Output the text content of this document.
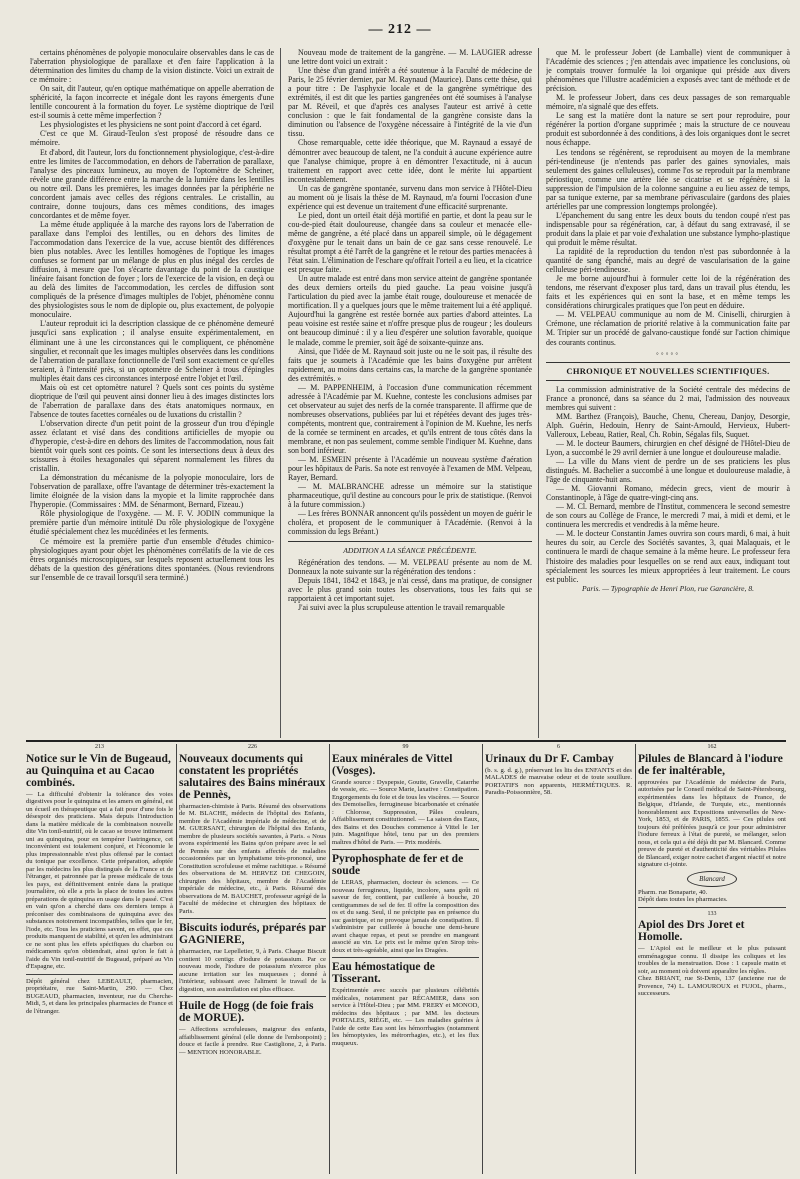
— 212 —

certains phénomènes de polyopie monoculaire observables dans le cas de l'aberration physiologique de parallaxe et d'en faire l'application à la détermination des limites du champ de la vision distincte. Voici un extrait de ce mémoire :

On sait, dit l'auteur, qu'en optique mathématique on appelle aberration de sphéricité, la façon incorrecte et inégale dont les rayons émergents d'une lentille concourent à la formation du foyer. Le système dioptrique de l'œil est-il soumis à cette même imperfection ?

Les physiologistes et les physiciens ne sont point d'accord à cet égard.

C'est ce que M. Giraud-Teulon s'est proposé de résoudre dans ce mémoire.

Et d'abord, dit l'auteur, lors du fonctionnement physiologique, c'est-à-dire entre les limites de l'accommodation, en dehors de l'aberration de parallaxe, l'analyse des pinceaux lumineux, au moyen de l'optomètre de Scheiner, révèle une grande différence entre la marche de la lumière dans les lentilles ou notre œil. Dans les premières, les images données par la périphérie ne concordent jamais avec celles des régions centrales. Le cristallin, au contraire, donne toujours, dans ces mêmes conditions, des images concordantes et de même foyer.

La même étude appliquée à la marche des rayons lors de l'aberration de parallaxe dans l'emploi des lentilles, ou en dehors des limites de l'accommodation dans l'exercice de la vue, accuse bientôt des différences bien plus notables. Avec les lentilles homogènes de l'optique les images confuses se forment par un mélange de plus en plus inégal des cercles de diffusion, à mesure que l'on s'écarte davantage du point de la caustique linéaire faisant fonction de foyer ; lors de l'exercice de la vision, en deçà ou au delà des limites de l'accommodation, les cercles de diffusion sont compliqués de la présence d'images multiples de l'objet, phénomène connu des physiologistes sous le nom de diplopie ou, plus exactement, de polyopie monoculaire.

L'auteur reproduit ici la description classique de ce phénomène demeuré jusqu'ici sans explication ; il analyse ensuite expérimentalement, en éliminant une à une les circonstances qui le compliquent, ce phénomène singulier, et reconnaît que les images multiples observées dans les conditions de l'aberration de parallaxe fonctionnelle de l'œil sont exactement ce qu'elles seraient, à l'intensité près, si un optomètre de Scheiner à trous d'épingles multiples était dans ces circonstances interposé entre l'objet et l'œil.

Mais où est cet optomètre naturel ? Quels sont ces points du système dioptrique de l'œil qui peuvent ainsi donner lieu à des images distinctes lors de l'aberration de parallaxe dans des états anatomiques normaux, en l'absence de toutes facettes cornéales ou de luxations du cristallin ?

L'observation directe d'un petit point de la grosseur d'un trou d'épingle assez éclatant et visé dans des conditions artificielles de myopie ou d'hyperopie, c'est-à-dire en dehors des limites de l'accommodation, nous fait bientôt voir quels sont ces points. Ce sont les intersections deux à deux des scissures à étoiles hexagonales qui séparent normalement les fibres du cristallin.

La démonstration du mécanisme de la polyopie monoculaire, lors de l'observation de parallaxe, offre l'avantage de déterminer très-exactement la limite éloignée de la vision dans la myopie et la limite rapprochée dans l'hyperopie. (Commissaires : MM. de Sénarmont, Bernard, Fizeau.)

Rôle physiologique de l'oxygène. — M. F. V. JODIN communique la première partie d'un mémoire intitulé Du rôle physiologique de l'oxygène étudié spécialement chez les mucédinées et les ferments.

Ce mémoire est la première partie d'un ensemble d'études chimico-physiologiques ayant pour objet les phénomènes corrélatifs de la vie de ces êtres organisés microscopiques, sur lesquels reposent actuellement tous les débats de la question des générations dites spontanées. (Nous reviendrons sur l'ensemble de ce travail lorsqu'il sera terminé.)

Nouveau mode de traitement de la gangrène. — M. LAUGIER adresse une lettre dont voici un extrait :

Une thèse d'un grand intérêt a été soutenue à la Faculté de médecine de Paris, le 25 février dernier, par M. Raynaud (Maurice). Dans cette thèse, qui a pour titre : De l'asphyxie locale et de la gangrène symétrique des extrémités, il est dit que les parties gangrenées ont été soumises à l'analyse par M. Réveil, et que d'après ces analyses l'auteur est arrivé à cette conclusion : que le fait fondamental de la gangrène consiste dans la diminution ou l'absence de l'oxygène nécessaire à l'intégrité de la vie d'un tissu.

Chose remarquable, cette idée théorique, que M. Raynaud a essayé de démontrer avec beaucoup de talent, ne l'a conduit à aucune expérience autre que l'analyse chimique, propre à en démontrer l'exactitude, ni à aucun traitement en rapport avec cette idée, dont le mérite lui appartient incontestablement.

Un cas de gangrène spontanée, survenu dans mon service à l'Hôtel-Dieu au moment où je lisais la thèse de M. Raynaud, m'a fourni l'occasion d'une expérience qui est devenue un traitement d'une efficacité surprenante.

Le pied, dont un orteil était déjà mortifié en partie, et dont la peau sur le cou-de-pied était douloureuse, changée dans sa couleur et menacée elle-même de gangrène, a été placé dans un appareil simple, où le dégagement d'oxygène pur le tenait dans un bain de ce gaz sans cesse renouvelé. Le résultat prompt a été l'arrêt de la gangrène et le retour des parties menacées à l'état sain. L'élimination de l'eschare qu'offrait l'orteil a eu lieu, et la cicatrice est presque faite.

Un autre malade est entré dans mon service atteint de gangrène spontanée des deux derniers orteils du pied gauche. La peau voisine jusqu'à l'articulation du pied avec la jambe était rouge, douloureuse et menacée de mortification. Il y a quelques jours que le même traitement lui a été appliqué. Aujourd'hui la gangrène est restée bornée aux parties d'abord atteintes. La peau voisine est restée saine et n'offre presque plus de rougeur ; les douleurs ont beaucoup diminué : il y a lieu d'espérer une solution favorable, quoique le malade, comme le premier, soit âgé de soixante-quinze ans.

Ainsi, que l'idée de M. Raynaud soit juste ou ne le soit pas, il résulte des faits que je soumets à l'Académie que les bains d'oxygène pur arrêtent rapidement, au moins dans certains cas, la marche de la gangrène spontanée des extrémités. »

— M. PAPPENHEIM, à l'occasion d'une communication récemment adressée à l'Académie par M. Kuehne, conteste les conclusions admises par cet observateur au sujet des nerfs de la cornée transparente. Il affirme que de nombreuses observations, publiées par lui et répétées devant des juges très-compétents, montrent que, contrairement à l'opinion de M. Kuehne, les nerfs de la cornée se terminent en arcades, et qu'ils entrent de tous côtés dans la membrane, et non pas seulement, comme semble l'indiquer M. Kuehne, dans son bord inférieur.

— M. ESMEIN présente à l'Académie un nouveau système d'aération pour les hôpitaux de Paris. Sa note est renvoyée à l'examen de MM. Velpeau, Rayer, Bernard.

— M. MALBRANCHE adresse un mémoire sur la statistique pharmaceutique, qu'il destine au concours pour le prix de statistique. (Renvoi à la future commission.)

— Les frères BONNAR annoncent qu'ils possèdent un moyen de guérir le choléra, et proposent de le communiquer à l'Académie. (Renvoi à la commission du legs Bréant.)

ADDITION A LA SÉANCE PRÉCÉDENTE.

Régénération des tendons. — M. VELPEAU présente au nom de M. Donneaux la note suivante sur la régénération des tendons :

Depuis 1841, 1842 et 1843, je n'ai cessé, dans ma pratique, de consigner avec le plus grand soin toutes les observations, tous les faits qui se rapportaient à cet important sujet.

J'ai suivi avec la plus scrupuleuse attention le travail remarquable

que M. le professeur Jobert (de Lamballe) vient de communiquer à l'Académie des sciences ; j'en attendais avec impatience les conclusions, où je comptais trouver formulée la loi organique qui préside aux divers phénomènes que l'illustre académicien a exposés avec tant de méthode et de précision.

M. le professeur Jobert, dans ces deux passages de son remarquable mémoire, n'a signalé que des effets.

Le sang est la matière dont la nature se sert pour reproduire, pour régénérer la portion d'organe supprimée ; mais la structure de ce nouveau produit est subordonnée à des conditions, à des lois organiques dont le secret nous échappe.

Les tendons se régénèrent, se reproduisent au moyen de la membrane péri-tendineuse (je n'entends pas parler des gaines synoviales, mais seulement des gaines celluleuses), comme l'os se reproduit par la membrane périostique, comme une artère liée se cicatrise et se régénère, si la suppression de l'impulsion de la colonne sanguine a eu lieu assez de temps, par sa tunique externe, par sa membrane périvasculaire (gardons des plaies artérielles par une compression longtemps prolongée).

L'épanchement du sang entre les deux bouts du tendon coupé n'est pas indispensable pour sa régénération, car, à défaut du sang extravasé, il se produit dans la plaie et par voie d'exhalation une substance lympho-plastique qui produit le même résultat.

La rapidité de la reproduction du tendon n'est pas subordonnée à la quantité de sang épanché, mais au degré de vascularisation de la gaine celluleuse péri-tendineuse.

Je me borne aujourd'hui à formuler cette loi de la régénération des tendons, me réservant d'exposer plus tard, dans un travail plus étendu, les faits et les expériences qui en sont la base, et en même temps les considérations chirurgicales pratiques que l'on peut en déduire.

— M. VELPEAU communique au nom de M. Ciniselli, chirurgien à Crémone, une réclamation de priorité relative à la communication faite par M. Tripier sur un procédé de galvano-caustique fondé sur l'action chimique des courants continus.

◦◦◦◦◦
CHRONIQUE ET NOUVELLES SCIENTIFIQUES.

La commission administrative de la Société centrale des médecins de France a prononcé, dans sa séance du 2 mai, l'admission des nouveaux membres qui suivent :

MM. Barthez (François), Bauche, Chenu, Chereau, Danjoy, Desorgie, Alph. Guérin, Hedouin, Henry de Saint-Arnould, Hervieux, Hubert-Valleroux, Lebeau, Ratier, Real, Ch. Robin, Ségalas fils, Suquet.

— M. le docteur Baumers, chirurgien en chef désigné de l'Hôtel-Dieu de Lyon, a succombé le 29 avril dernier à une longue et douloureuse maladie.

— La ville du Mans vient de perdre un de ses praticiens les plus distingués. M. Bachelier a succombé à une longue et douloureuse maladie, à l'âge de cinquante-huit ans.

— M. Giovanni Romano, médecin grecs, vient de mourir à Constantinople, à l'âge de quatre-vingt-cinq ans.

— M. Cl. Bernard, membre de l'Institut, commencera le second semestre de son cours au Collège de France, le mercredi 7 mai, à midi et demi, et le continuera les mercredis et vendredis à la même heure.

— M. le docteur Constantin James ouvrira son cours mardi, 6 mai, à huit heures du soir, au Cercle des Sociétés savantes, 3, quai Malaquais, et le continuera le mardi de chaque semaine à la même heure. Le professeur fera l'histoire des maladies pour lesquelles on se rend aux eaux, indiquant tout spécialement les sources les mieux appropriées à leur traitement. Le cours est public.

Paris. — Typographie de Henri Plon, rue Garancière, 8.
213
Notice sur le Vin de Bugeaud, au Quinquina et au Cacao combinés.
— La difficulté d'obtenir la tolérance des voies digestives pour le quinquina et les amers en général, est un écueil en thérapeutique qui a fait pour d'une fois le désespoir des praticiens. Mais depuis l'introduction dans la matière médicale de la combinaison nouvelle dite Vin tonil-nutritif, où le cacao se trouve intimement uni au quinquina, pour en tempérer l'astringence, cet inconvénient est totalement conjuré, et l'économie le plus impressionnable n'est plus offensé par le contact du tonique par excellence. Cette préparation, adoptée par les médecins les plus distingués de la France et de l'étranger, et patronnée par la presse médicale de tous les pays, est définitivement entrée dans la pratique journalière, où elle a pris la place de toutes les autres préparations de quinquina en usage dans le passé. C'est en vain qu'on a cherché dans ces derniers temps à préconiser des combinaisons de quinquina avec des substances notoirement incompatibles, telles que le fer, l'iode, etc. Tous les praticiens savent, en effet, que ces produits manquent de stabilité, et qu'en les administrant ce ne sont plus les effets spécifiques du charbon ou médicaments qu'on obtiendrait, ainsi qu'on le fait à l'aide du Vin tonil-nutritif de Bugeaud, préparé au Vin d'Espagne, etc.
Dépôt général chez LEBEAULT, pharmacien, propriétaire, rue Saint-Martin, 290. — Chez BUGEAUD, pharmacien, inventeur, rue du Cherche-Midi, 5, et dans les principales pharmacies de France et de l'étranger.
226
Nouveaux documents qui constatent les propriétés salutaires des Bains minéraux de Pennès,
pharmacien-chimiste à Paris. Résumé des observations de M. BLACHE, médecin de l'hôpital des Enfants, membre de l'Académie impériale de médecine, et de M. GUERSANT, chirurgien de l'hôpital des Enfants, membre de plusieurs sociétés savantes, à Paris. « Nous avons expérimenté les Bains qu'on prépare avec le sel de Pennès sur des enfants affectés de maladies occasionnées par un lymphatisme très-prononcé, une Constitution scrofuleuse et même rachitique. » Résumé des observations de M. HERVEZ DE CHEGOIN, chirurgien des hôpitaux, membre de l'Académie impériale de médecine, etc., à Paris. Résumé des observations de M. BAUCHET, professeur agrégé de la Faculté de médecine et chirurgien des hôpitaux de Paris.
Biscuits iodurés, préparés par GAGNIERE,
pharmacien, rue Lepelletier, 9, à Paris. Chaque Biscuit contient 10 centigr. d'iodure de potassium. Par ce nouveau mode, l'iodure de potassium n'exerce plus aucune irritation sur les muqueuses ; donné à l'intérieur, subissant avec l'aliment le travail de la digestion, son assimilation est plus efficace.
Huile de Hogg (de foie frais de MORUE).
— Affections scrofuleuses, maigreur des enfants, affaiblissement général (elle donne de l'embonpoint) ; douce et facile à prendre. Rue Castiglione, 2, à Paris. — MENTION HONORABLE.
99
Eaux minérales de Vittel (Vosges).
Grande source : Dyspepsie, Goutte, Gravelle, Catarrhe de vessie, etc. — Source Marie, laxative : Constipation. Engorgements du foie et de tous les viscères. — Source des Demoiselles, ferrugineuse bicarbonatée et crénatée : Chlorose, Suppression, Pâles couleurs, Affaiblissement constitutionnel. — La saison des Eaux, des Bains et des Douches commence à Vittel le 1er juin. Magnifique hôtel, tenu par un des premiers maîtres d'hôtel de Paris. — Prix modérés.
Pyrophosphate de fer et de soude
de LERAS, pharmacien, docteur ès sciences. — Ce nouveau ferrugineux, liquide, incolore, sans goût ni saveur de fer, contient, par cuillerée à bouche, 20 centigrammes de sel de fer. Il offre la composition des os et du sang. Seul, il ne précipite pas en présence du suc gastrique, et ne provoque jamais de constipation. Il s'administre par cuillerée à bouche une demi-heure avant chaque repas, et peut se prendre en mangeant associé au vin. Le prix est le même qu'en Sirop très-doux et très-agréable, ainsi que les Dragées.
Eau hémostatique de Tisserant.
Expérimentée avec succès par plusieurs célébrités médicales, notamment par RÉCAMIER, dans son service à l'Hôtel-Dieu ; par MM. FRERY et MONOD, médecins des hôpitaux ; par MM. les docteurs PORTALES, RIÈGE, etc. — Les maladies guéries à l'aide de cette Eau sont les hémorrhagies (notamment les hémoptysies, les métrorrhagies, etc.), et les flux muqueux.
6
Urinaux du Dr F. Cambay
(b. s. g. d. g.), préservant les lits des ENFANTS et des MALADES de mauvaise odeur et de toute souillure. PORTATIFS non apparents, HERMÉTIQUES. R. Paradis-Poissonnière, 58.
162
Pilules de Blancard à l'iodure de fer inaltérable,
approuvées par l'Académie de médecine de Paris, autorisées par le Conseil médical de Saint-Pétersbourg, expérimentées dans les hôpitaux de France, de Belgique, d'Irlande, de Turquie, etc., mentionnés honorablement aux Expositions universelles de New-York, 1853, et de PARIS, 1855. — Ces pilules ont toujours été préférées jusqu'à ce jour pour administrer l'iodure ferreux à l'état de pureté, se mélanger, selon nous, et cela qui a été déjà dit par M. Blancard. Comme preuve de pureté et d'authenticité des véritables Pilules de Blancard, exiger notre cachet d'argent réactif et notre signature ci-jointe.
Blancard
Pharm. rue Bonaparte, 40.
Dépôt dans toutes les pharmacies.
133
Apiol des Drs Joret et Homolle.
— L'Apiol est le meilleur et le plus puissant emménagogue connu. Il dissipe les coliques et les troubles de la menstruation. Dose : 1 capsule matin et soir, au moment où doivent apparaître les règles.
Chez BRIANT, rue St-Denis, 137 (ancienne rue de Provence, 74) L. LAMOUROUX et FUJOL, pharm., successeurs.
